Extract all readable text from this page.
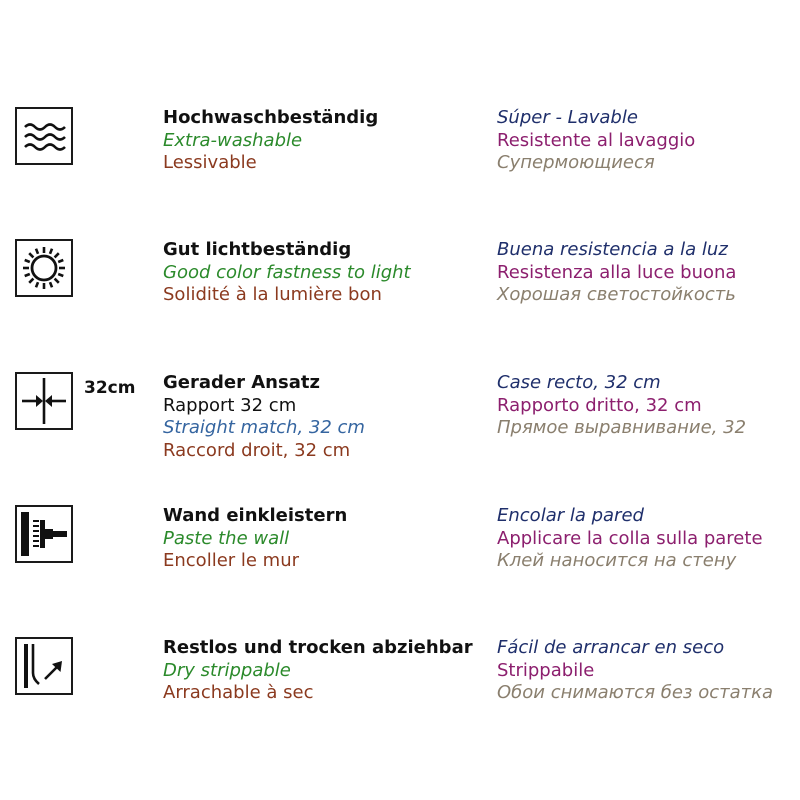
Hochwaschbeständig
Extra-washable
Lessivable
Súper - Lavable
Resistente al lavaggio
Супермоющиеся
Gut lichtbeständig
Good color fastness to light
Solidité à la lumière bon
Buena resistencia a la luz
Resistenza alla luce buona
Хорошая светостойкость
32cm Gerader Ansatz
Rapport 32 cm
Straight match, 32 cm
Raccord droit, 32 cm
Case recto, 32 cm
Rapporto dritto, 32 cm
Прямое выравнивание, 32
Wand einkleistern
Paste the wall
Encoller le mur
Encolar la pared
Applicare la colla sulla parete
Клей наносится на стену
Restlos und trocken abziehbar
Dry strippable
Arrachable à sec
Fácil de arrancar en seco
Strippabile
Обои снимаются без остатка
